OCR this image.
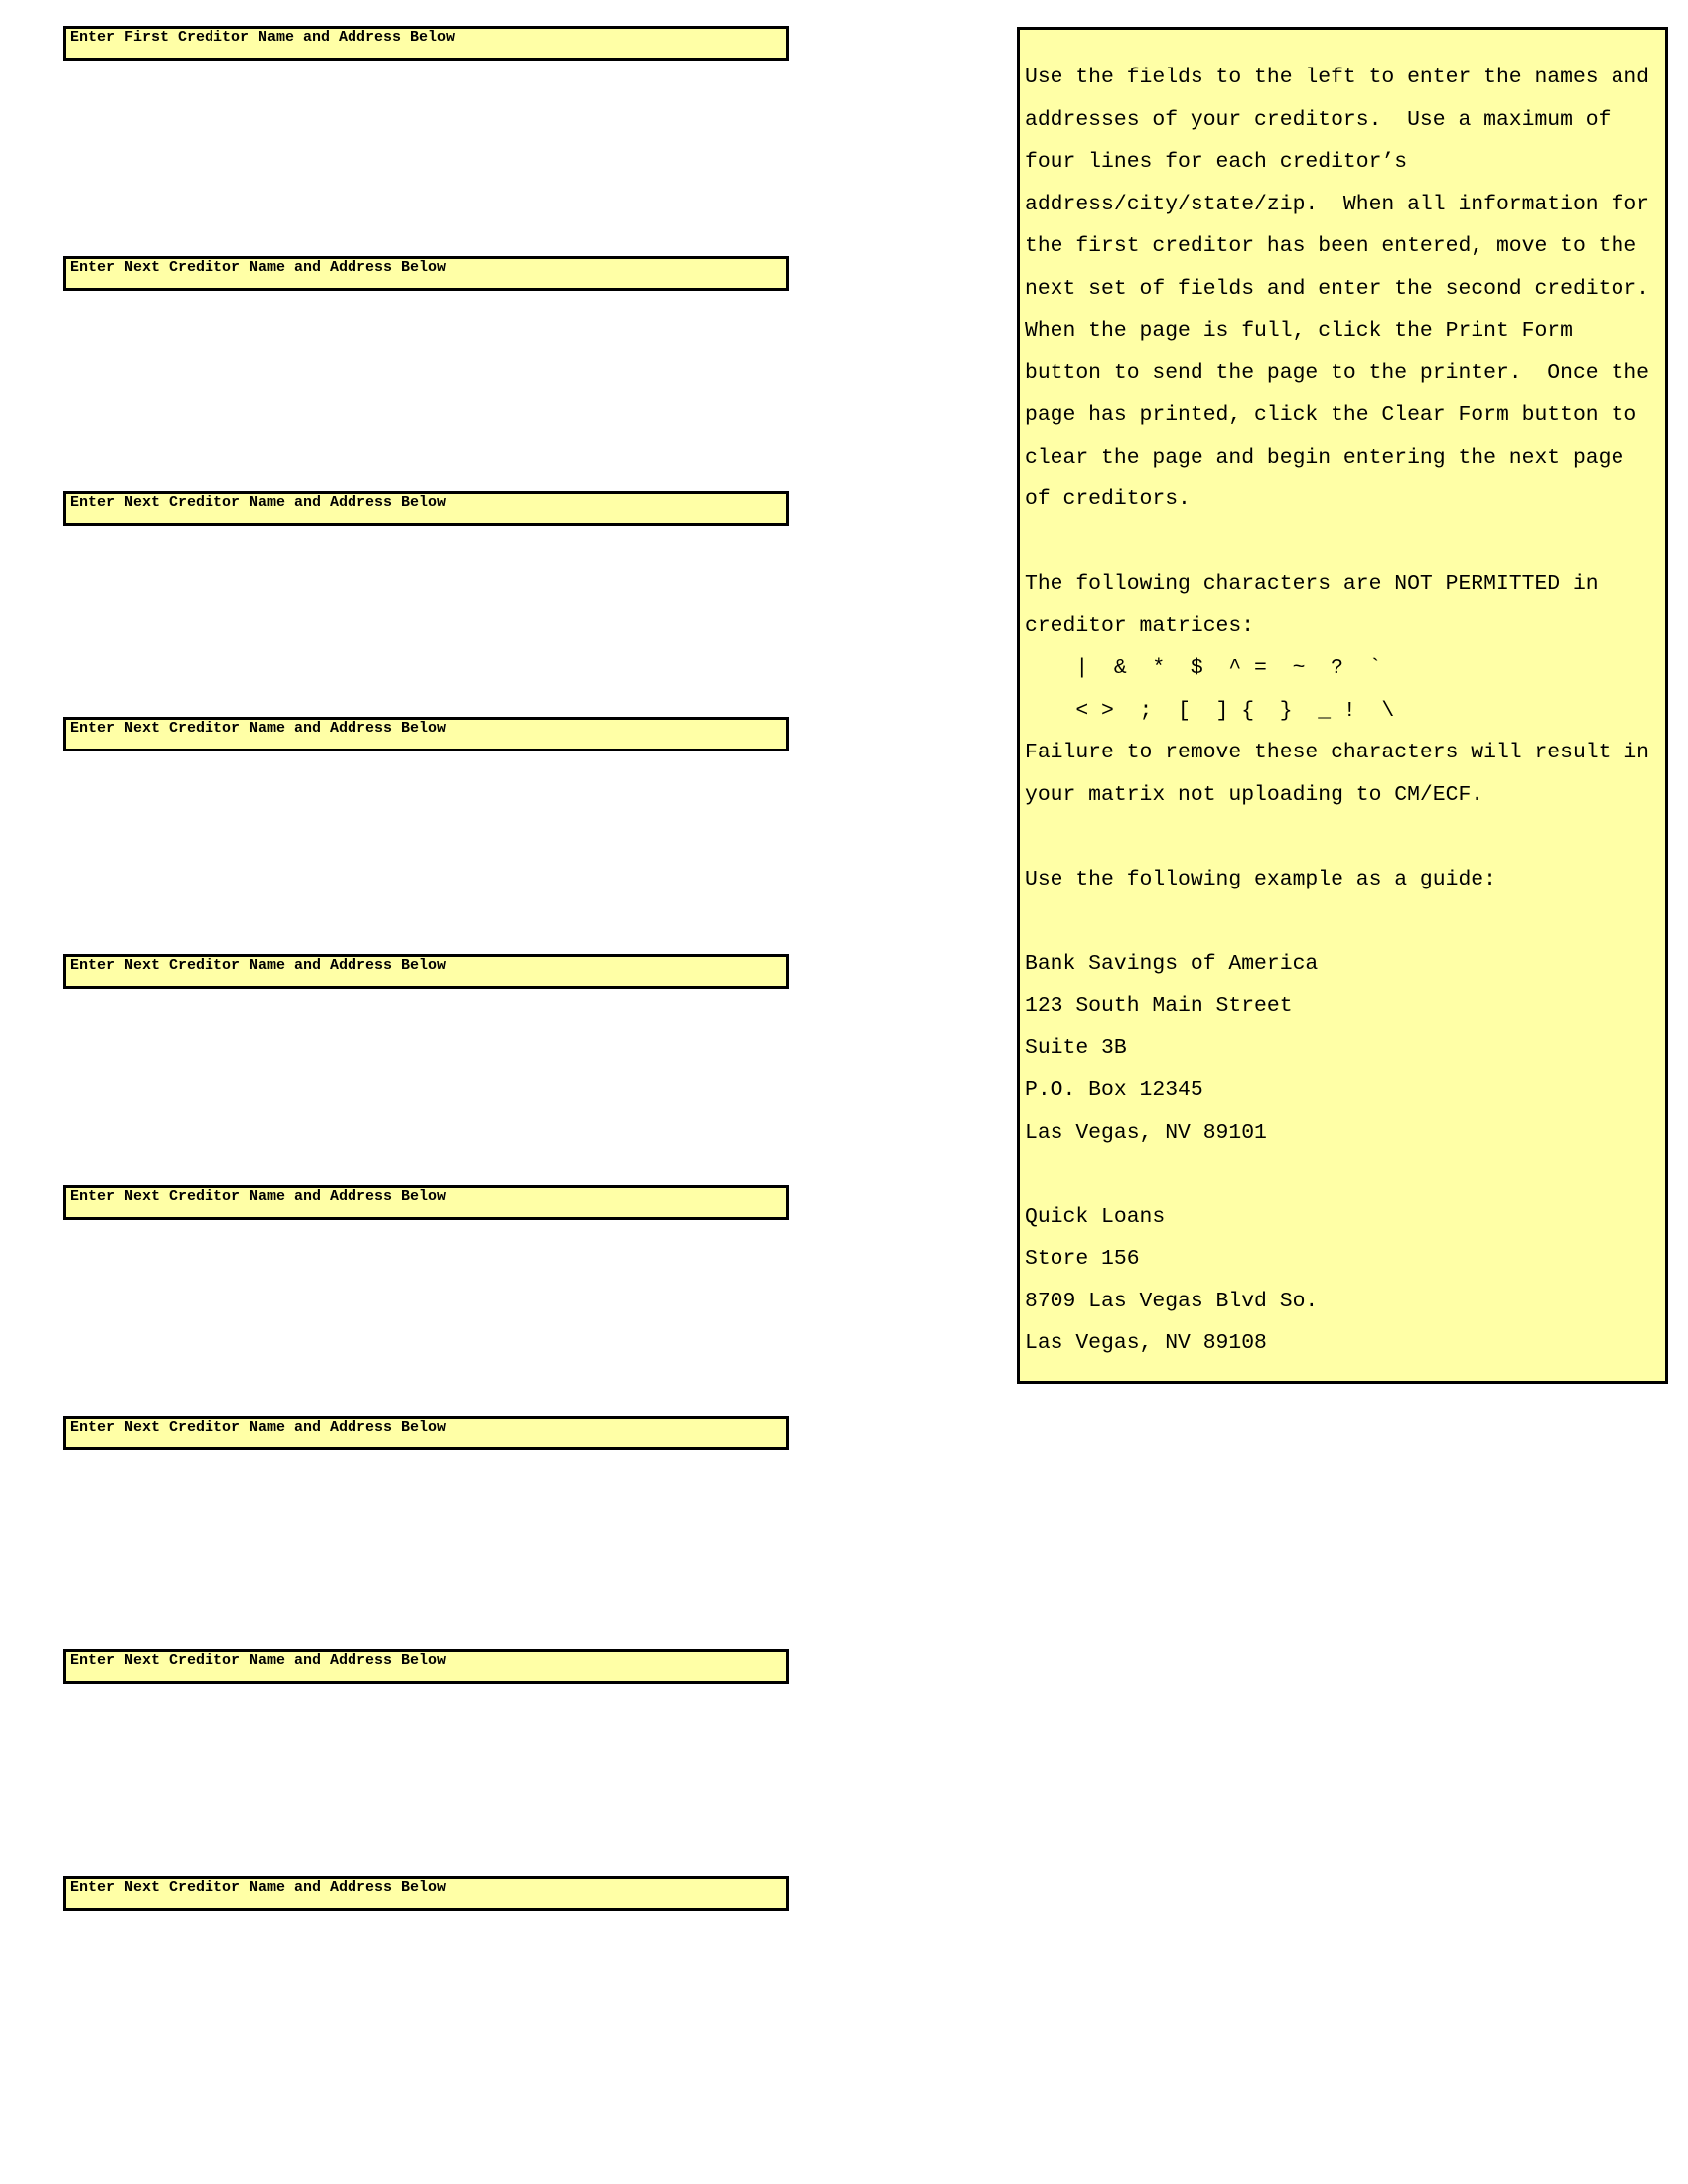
Enter First Creditor Name and Address Below
Enter Next Creditor Name and Address Below
Enter Next Creditor Name and Address Below
Enter Next Creditor Name and Address Below
Enter Next Creditor Name and Address Below
Enter Next Creditor Name and Address Below
Enter Next Creditor Name and Address Below
Enter Next Creditor Name and Address Below
Enter Next Creditor Name and Address Below
Use the fields to the left to enter the names and
addresses of your creditors.  Use a maximum of
four lines for each creditor’s
address/city/state/zip.  When all information for
the first creditor has been entered, move to the
next set of fields and enter the second creditor.
When the page is full, click the Print Form
button to send the page to the printer.  Once the
page has printed, click the Clear Form button to
clear the page and begin entering the next page
of creditors.
The following characters are NOT PERMITTED in
creditor matrices:
|  &  *  $  ^ =  ~  ?  `
< >  ;  [  ] {  }  _ !  \
Failure to remove these characters will result in
your matrix not uploading to CM/ECF.
Use the following example as a guide:
Bank Savings of America
123 South Main Street
Suite 3B
P.O. Box 12345
Las Vegas, NV 89101
Quick Loans
Store 156
8709 Las Vegas Blvd So.
Las Vegas, NV 89108
